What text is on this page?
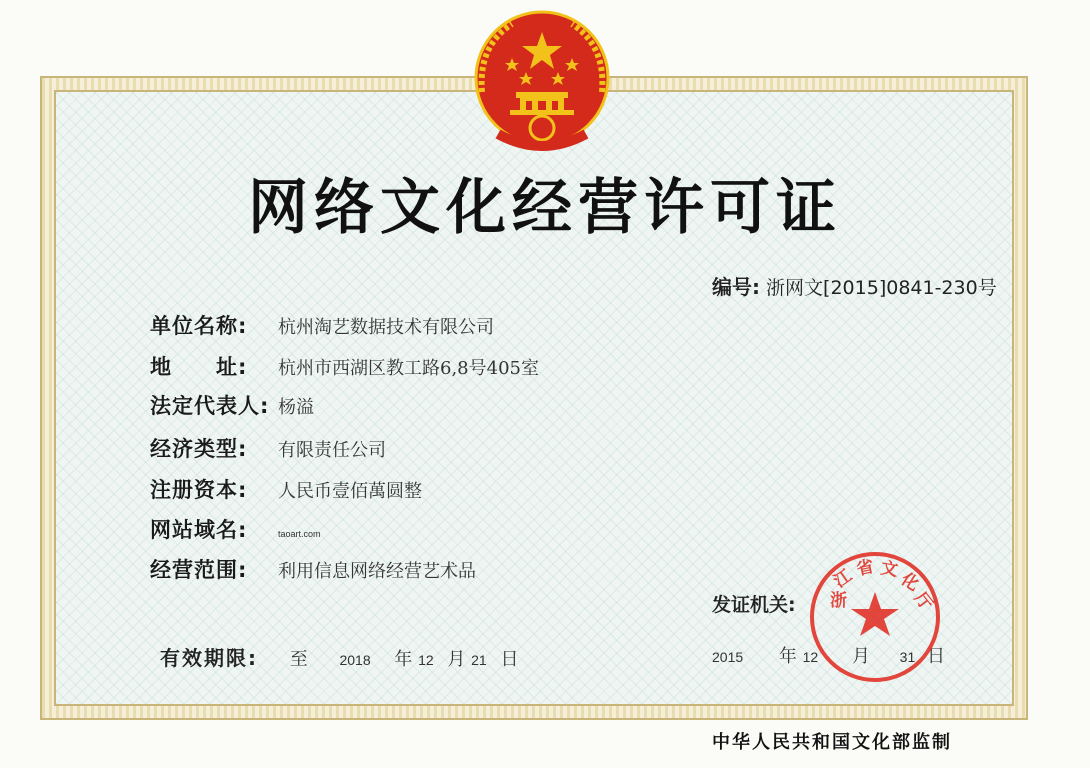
网络文化经营许可证
编号: 浙网文[2015]0841-230号
单位名称: 杭州淘艺数据技术有限公司
地　　址: 杭州市西湖区教工路6,8号405室
法定代表人: 杨溢
经济类型: 有限责任公司
注册资本: 人民币壹佰萬圆整
网站域名:	taoart.com
经营范围: 利用信息网络经营艺术品
发证机关:
有效期限: 至 2018 年 12 月 21 日	2015 年 12 月 31 日
浙
江 省 文
化
厅
中华人民共和国文化部监制
